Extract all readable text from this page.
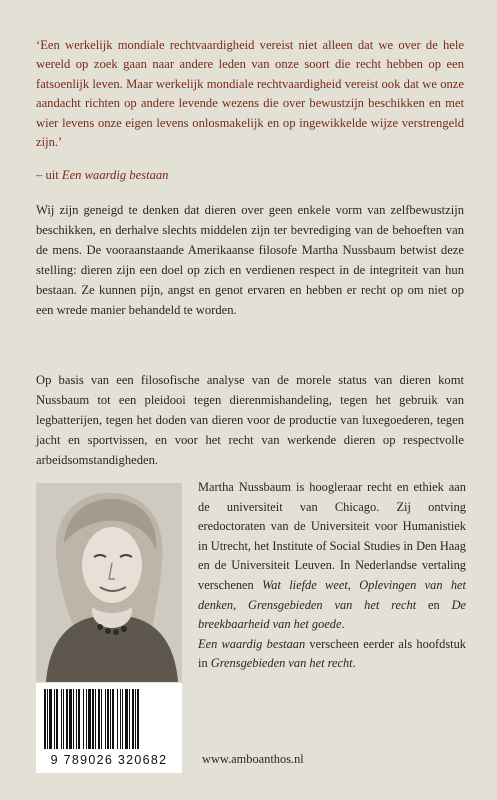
‘Een werkelijk mondiale rechtvaardigheid vereist niet alleen dat we over de hele wereld op zoek gaan naar andere leden van onze soort die recht hebben op een fatsoenlijk leven. Maar werkelijk mondiale rechtvaardigheid vereist ook dat we onze aandacht richten op andere levende wezens die over bewustzijn beschikken en met wier levens onze eigen levens onlosmakelijk en op ingewikkelde wijze verstrengeld zijn.’
– uit Een waardig bestaan
Wij zijn geneigd te denken dat dieren over geen enkele vorm van zelfbewustzijn beschikken, en derhalve slechts middelen zijn ter bevrediging van de behoeften van de mens. De vooraanstaande Amerikaanse filosofe Martha Nussbaum betwist deze stelling: dieren zijn een doel op zich en verdienen respect in de integriteit van hun bestaan. Ze kunnen pijn, angst en genot ervaren en hebben er recht op om niet op een wrede manier behandeld te worden.
Op basis van een filosofische analyse van de morele status van dieren komt Nussbaum tot een pleidooi tegen dierenmishandeling, tegen het gebruik van legbatterijen, tegen het doden van dieren voor de productie van luxegoederen, tegen jacht en sportvissen, en voor het recht van werkende dieren op respectvolle arbeidsomstandigheden.
Martha Nussbaum is hoogleraar recht en ethiek aan de universiteit van Chicago. Zij ontving eredoctoraten van de Universiteit voor Humanistiek in Utrecht, het Institute of Social Studies in Den Haag en de Universiteit Leuven. In Nederlandse vertaling verschenen Wat liefde weet, Oplevingen van het denken, Grensgebieden van het recht en De breekbaarheid van het goede.
Een waardig bestaan verscheen eerder als hoofdstuk in Grensgebieden van het recht.
9 789026 320682	www.amboanthos.nl
